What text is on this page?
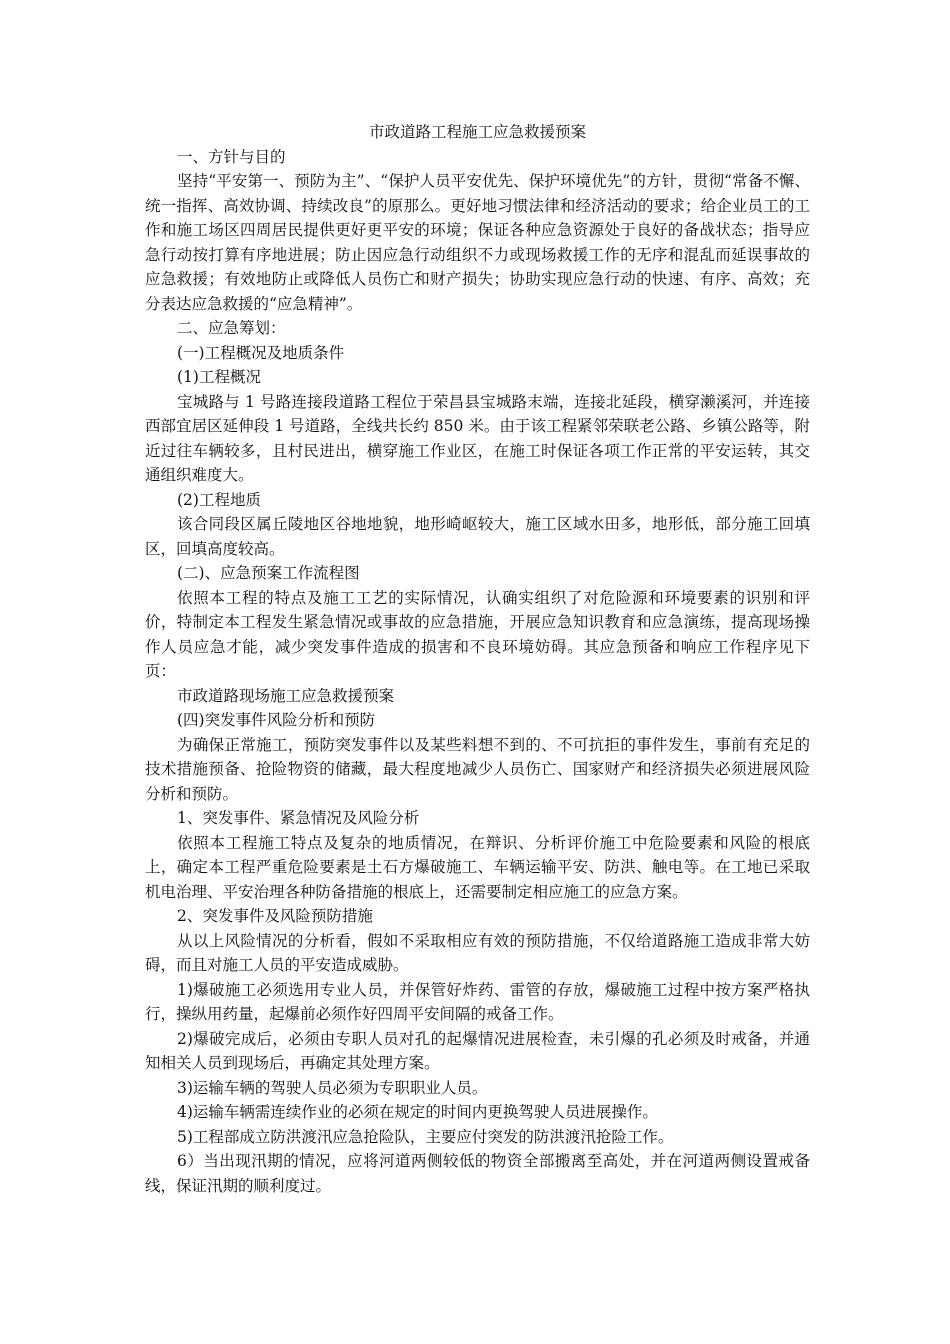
市政道路工程施工应急救援预案

一、方针与目的

坚持“平安第一、预防为主”、“保护人员平安优先、保护环境优先”的方针，贯彻“常备不懈、统一指挥、高效协调、持续改良”的原那么。更好地习惯法律和经济活动的要求；给企业员工的工作和施工场区四周居民提供更好更平安的环境；保证各种应急资源处于良好的备战状态；指导应急行动按打算有序地进展；防止因应急行动组织不力或现场救援工作的无序和混乱而延误事故的应急救援；有效地防止或降低人员伤亡和财产损失；协助实现应急行动的快速、有序、高效；充分表达应急救援的“应急精神”。

二、应急筹划：

(一)工程概况及地质条件

(1)工程概况

宝城路与 1 号路连接段道路工程位于荣昌县宝城路末端，连接北延段，横穿濑溪河，并连接西部宜居区延伸段 1 号道路，全线共长约 850 米。由于该工程紧邻荣联老公路、乡镇公路等，附近过往车辆较多，且村民进出，横穿施工作业区，在施工时保证各项工作正常的平安运转，其交通组织难度大。

(2)工程地质

该合同段区属丘陵地区谷地地貌，地形崎岖较大，施工区域水田多，地形低，部分施工回填区，回填高度较高。

(二)、应急预案工作流程图

依照本工程的特点及施工工艺的实际情况，认确实组织了对危险源和环境要素的识别和评价，特制定本工程发生紧急情况或事故的应急措施，开展应急知识教育和应急演练，提高现场操作人员应急才能，减少突发事件造成的损害和不良环境妨碍。其应急预备和响应工作程序见下页：

市政道路现场施工应急救援预案

(四)突发事件风险分析和预防

为确保正常施工，预防突发事件以及某些料想不到的、不可抗拒的事件发生，事前有充足的技术措施预备、抢险物资的储藏，最大程度地减少人员伤亡、国家财产和经济损失必须进展风险分析和预防。

1、突发事件、紧急情况及风险分析

依照本工程施工特点及复杂的地质情况，在辩识、分析评价施工中危险要素和风险的根底上，确定本工程严重危险要素是土石方爆破施工、车辆运输平安、防洪、触电等。在工地已采取机电治理、平安治理各种防备措施的根底上，还需要制定相应施工的应急方案。

2、突发事件及风险预防措施

从以上风险情况的分析看，假如不采取相应有效的预防措施，不仅给道路施工造成非常大妨碍，而且对施工人员的平安造成威胁。

1)爆破施工必须选用专业人员，并保管好炸药、雷管的存放，爆破施工过程中按方案严格执行，操纵用药量，起爆前必须作好四周平安间隔的戒备工作。

2)爆破完成后，必须由专职人员对孔的起爆情况进展检查，未引爆的孔必须及时戒备，并通知相关人员到现场后，再确定其处理方案。

3)运输车辆的驾驶人员必须为专职职业人员。

4)运输车辆需连续作业的必须在规定的时间内更换驾驶人员进展操作。

5)工程部成立防洪渡汛应急抢险队，主要应付突发的防洪渡汛抢险工作。

6）当出现汛期的情况，应将河道两侧较低的物资全部搬离至高处，并在河道两侧设置戒备线，保证汛期的顺利度过。
